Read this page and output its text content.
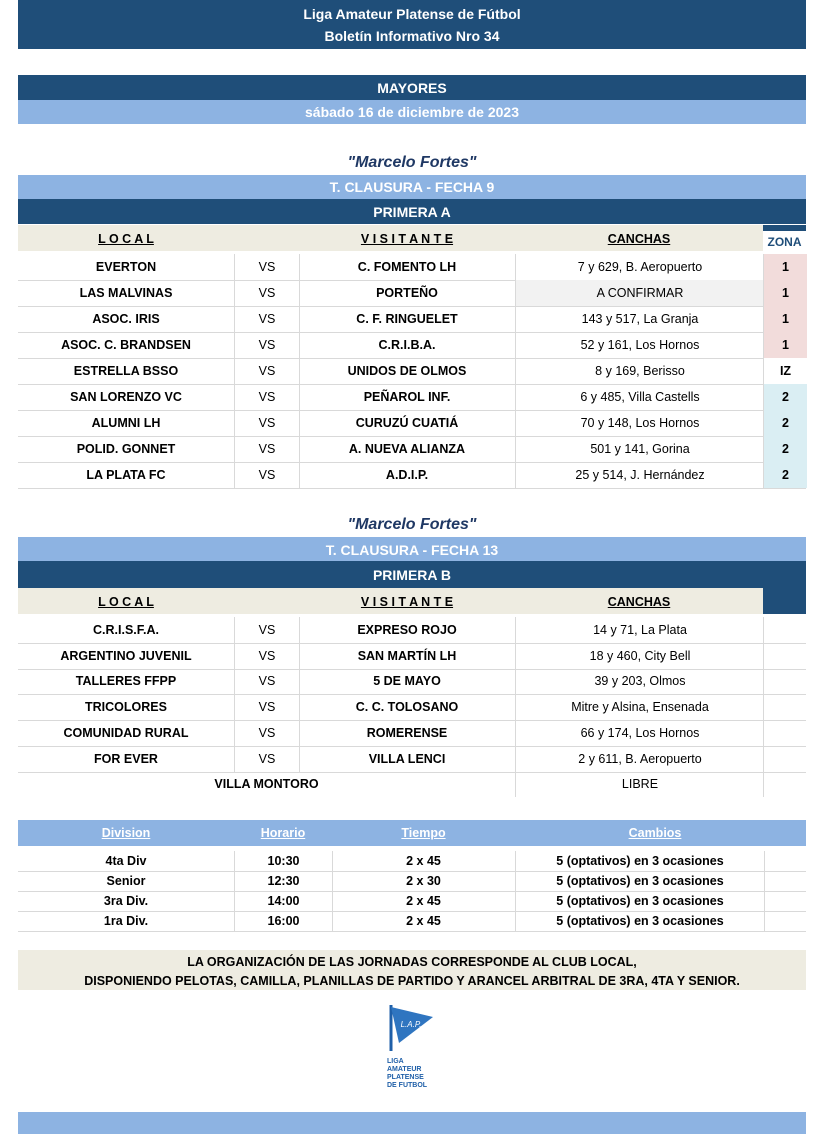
Liga Amateur Platense de Fútbol
Boletín Informativo Nro 34
MAYORES
sábado 16 de diciembre de 2023
"Marcelo Fortes"
T. CLAUSURA - FECHA 9
PRIMERA A
L O C A L	V I S I T A N T E	CANCHAS	ZONA
EVERTON	VS	C. FOMENTO LH	7 y 629, B. Aeropuerto	1
LAS MALVINAS	VS	PORTEÑO	A CONFIRMAR	1
ASOC. IRIS	VS	C. F. RINGUELET	143 y 517, La Granja	1
ASOC. C. BRANDSEN	VS	C.R.I.B.A.	52 y 161, Los Hornos	1
ESTRELLA BSSO	VS	UNIDOS DE OLMOS	8 y 169, Berisso	IZ
SAN LORENZO VC	VS	PEÑAROL INF.	6 y 485, Villa Castells	2
ALUMNI LH	VS	CURUZÚ CUATIÁ	70 y 148, Los Hornos	2
POLID. GONNET	VS	A. NUEVA ALIANZA	501 y 141, Gorina	2
LA PLATA FC	VS	A.D.I.P.	25 y 514, J. Hernández	2
"Marcelo Fortes"
T. CLAUSURA - FECHA 13
PRIMERA B
L O C A L	V I S I T A N T E	CANCHAS
C.R.I.S.F.A.	VS	EXPRESO ROJO	14 y 71, La Plata
ARGENTINO JUVENIL	VS	SAN MARTÍN LH	18 y 460, City Bell
TALLERES FFPP	VS	5 DE MAYO	39 y 203, Olmos
TRICOLORES	VS	C. C. TOLOSANO	Mitre y Alsina, Ensenada
COMUNIDAD RURAL	VS	ROMERENSE	66 y 174, Los Hornos
FOR EVER	VS	VILLA LENCI	2 y 611, B. Aeropuerto
VILLA MONTORO	LIBRE
Division	Horario	Tiempo	Cambios
4ta Div	10:30	2 x 45	5 (optativos) en 3 ocasiones
Senior	12:30	2 x 30	5 (optativos) en 3 ocasiones
3ra Div.	14:00	2 x 45	5 (optativos) en 3 ocasiones
1ra Div.	16:00	2 x 45	5 (optativos) en 3 ocasiones
LA ORGANIZACIÓN DE LAS JORNADAS CORRESPONDE AL CLUB LOCAL,
DISPONIENDO PELOTAS, CAMILLA, PLANILLAS DE PARTIDO Y ARANCEL ARBITRAL DE 3RA, 4TA Y SENIOR.
L.A.P.
LIGA
AMATEUR
PLATENSE
DE FUTBOL
